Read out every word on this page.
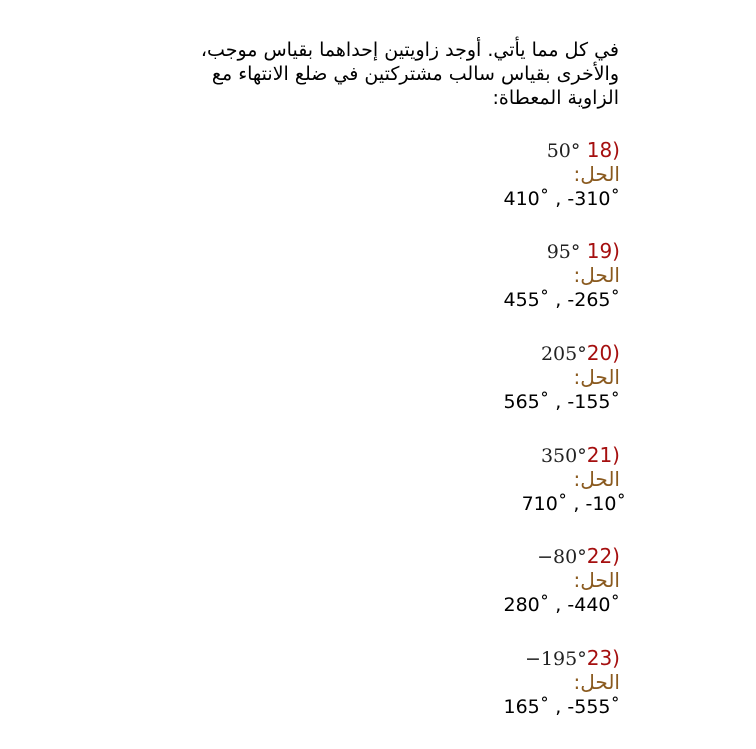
في كل مما يأتي. أوجد زاويتين إحداهما بقياس موجب،
والأخرى بقياس سالب مشتركتين في ضلع الانتهاء مع
الزاوية المعطاة:

50° 18)
الحل:
410˚ , -310˚
95° 19)
الحل:
455˚ , -265˚
205°20)
الحل:
565˚ , -155˚
350°21)
الحل:
710˚ , -10˚
−80°22)
الحل:
280˚ , -440˚
−195°23)
الحل:
165˚ , -555˚
